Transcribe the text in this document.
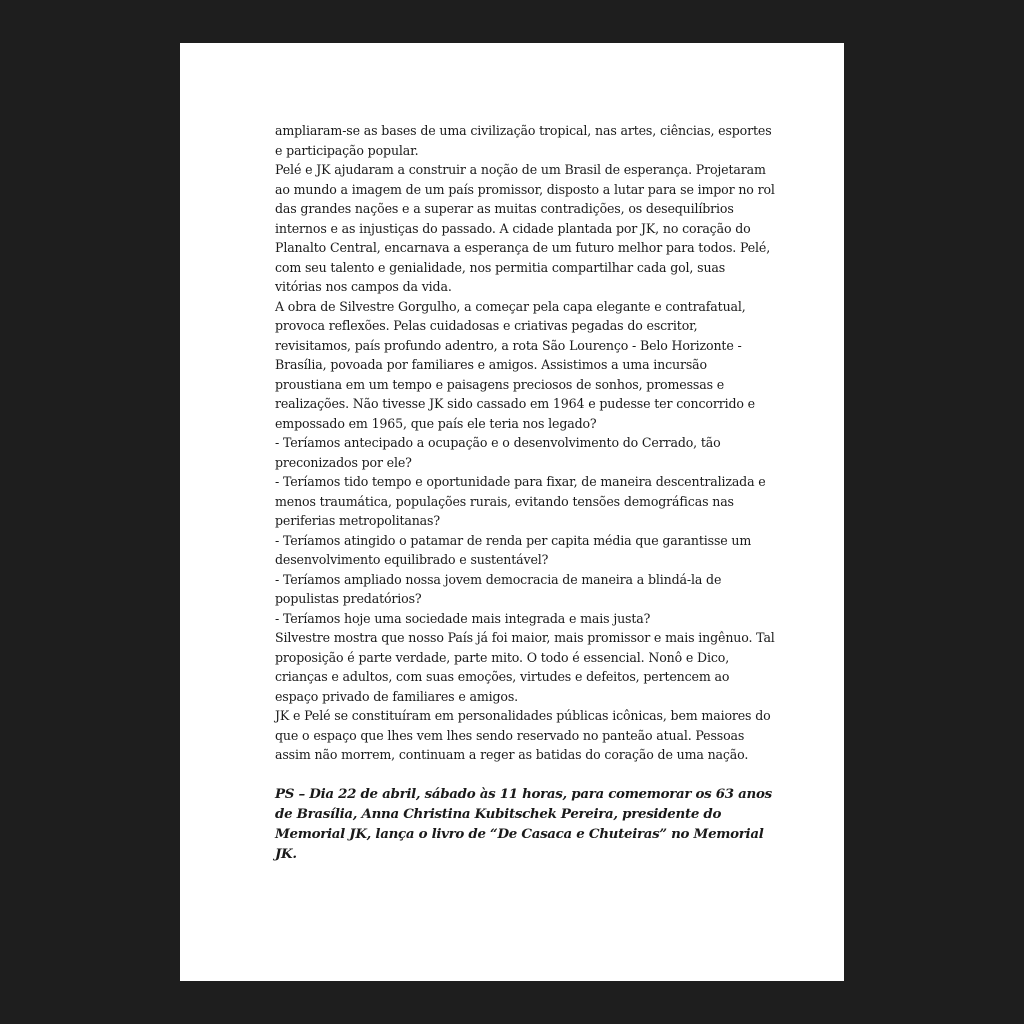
ampliaram-se as bases de uma civilização tropical, nas artes, ciências, esportes e participação popular.

Pelé e JK ajudaram a construir a noção de um Brasil de esperança. Projetaram ao mundo a imagem de um país promissor, disposto a lutar para se impor no rol das grandes nações e a superar as muitas contradições, os desequilíbrios internos e as injustiças do passado. A cidade plantada por JK, no coração do Planalto Central, encarnava a esperança de um futuro melhor para todos. Pelé, com seu talento e genialidade, nos permitia compartilhar cada gol, suas vitórias nos campos da vida.

A obra de Silvestre Gorgulho, a começar pela capa elegante e contrafatual, provoca reflexões. Pelas cuidadosas e criativas pegadas do escritor, revisitamos, país profundo adentro, a rota São Lourenço - Belo Horizonte - Brasília, povoada por familiares e amigos. Assistimos a uma incursão proustiana em um tempo e paisagens preciosos de sonhos, promessas e realizações. Não tivesse JK sido cassado em 1964 e pudesse ter concorrido e empossado em 1965, que país ele teria nos legado?

- Teríamos antecipado a ocupação e o desenvolvimento do Cerrado, tão preconizados por ele?

- Teríamos tido tempo e oportunidade para fixar, de maneira descentralizada e menos traumática, populações rurais, evitando tensões demográficas nas periferias metropolitanas?

- Teríamos atingido o patamar de renda per capita média que garantisse um desenvolvimento equilibrado e sustentável?

- Teríamos ampliado nossa jovem democracia de maneira a blindá-la de populistas predatórios?

- Teríamos hoje uma sociedade mais integrada e mais justa?

Silvestre mostra que nosso País já foi maior, mais promissor e mais ingênuo. Tal proposição é parte verdade, parte mito. O todo é essencial. Nonô e Dico, crianças e adultos, com suas emoções, virtudes e defeitos, pertencem ao espaço privado de familiares e amigos.

JK e Pelé se constituíram em personalidades públicas icônicas, bem maiores do que o espaço que lhes vem lhes sendo reservado no panteão atual. Pessoas assim não morrem, continuam a reger as batidas do coração de uma nação.

PS – Dia 22 de abril, sábado às 11 horas, para comemorar os 63 anos de Brasília, Anna Christina Kubitschek Pereira, presidente do Memorial JK, lança o livro de “De Casaca e Chuteiras” no Memorial JK.
